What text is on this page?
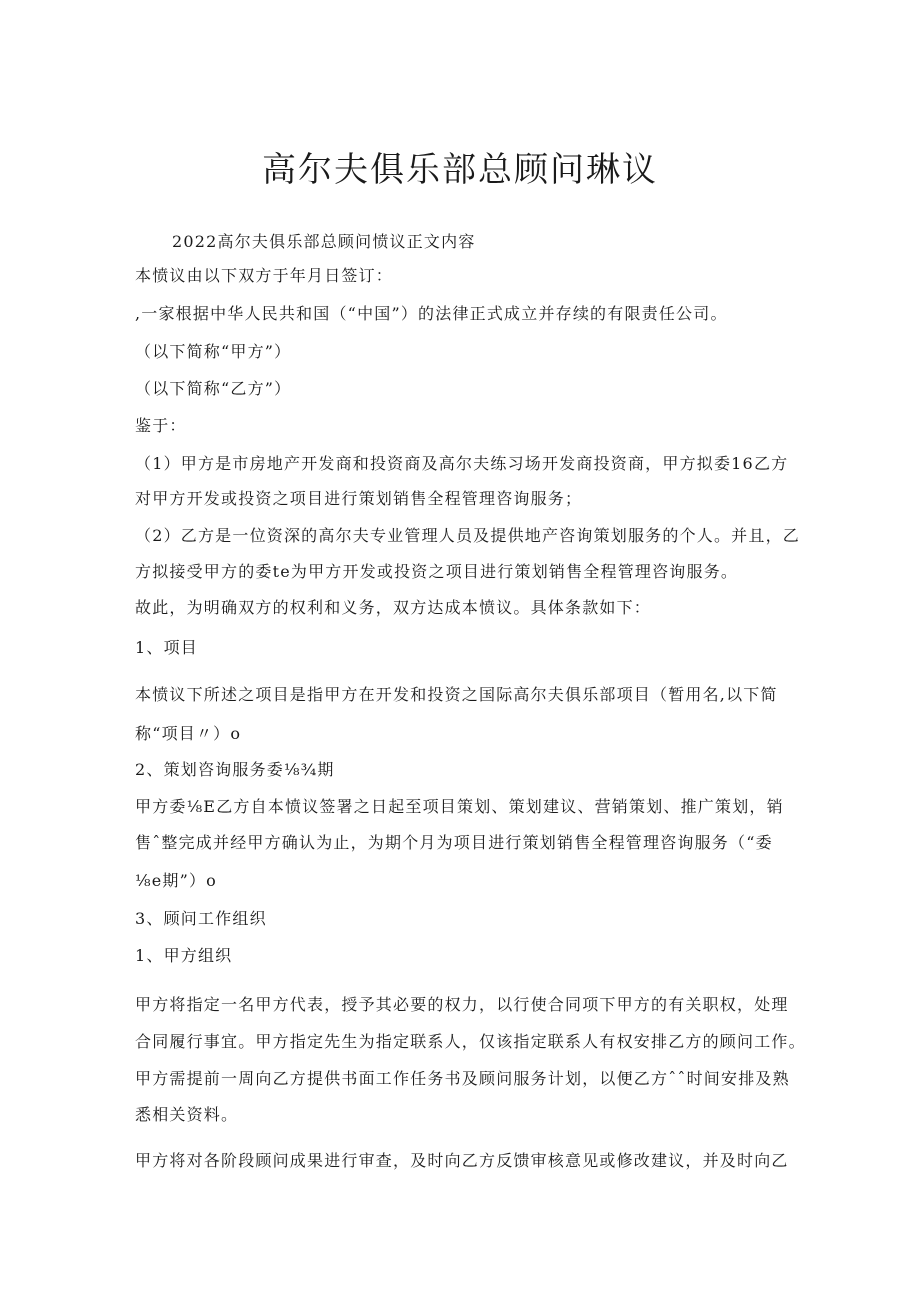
高尔夫俱乐部总顾问琳议
2022高尔夫俱乐部总顾问愤议正文内容
本愤议由以下双方于年月日签订：
,一家根据中华人民共和国（“中国”）的法律正式成立并存续的有限责任公司。
（以下简称“甲方”）
（以下简称“乙方”）
鉴于：
（1）甲方是市房地产开发商和投资商及高尔夫练习场开发商投资商，甲方拟委16乙方
对甲方开发或投资之项目进行策划销售全程管理咨询服务；
（2）乙方是一位资深的高尔夫专业管理人员及提供地产咨询策划服务的个人。并且，乙
方拟接受甲方的委te为甲方开发或投资之项目进行策划销售全程管理咨询服务。
故此，为明确双方的权利和义务，双方达成本愤议。具体条款如下：
1、项目
本愤议下所述之项目是指甲方在开发和投资之国际高尔夫俱乐部项目（暂用名,以下简
称“项目〃）o
2、策划咨询服务委⅛¾期
甲方委⅛E乙方自本愤议签署之日起至项目策划、策划建议、营销策划、推广策划，销
售ˆ整完成并经甲方确认为止，为期个月为项目进行策划销售全程管理咨询服务（“委
⅛e期”）o
3、顾问工作组织
1、甲方组织
甲方将指定一名甲方代表，授予其必要的权力，以行使合同项下甲方的有关职权，处理
合同履行事宜。甲方指定先生为指定联系人，仅该指定联系人有权安排乙方的顾问工作。
甲方需提前一周向乙方提供书面工作任务书及顾问服务计划，以便乙方ˆˆ时间安排及熟
悉相关资料。
甲方将对各阶段顾问成果进行审查，及时向乙方反馈审核意见或修改建议，并及时向乙
